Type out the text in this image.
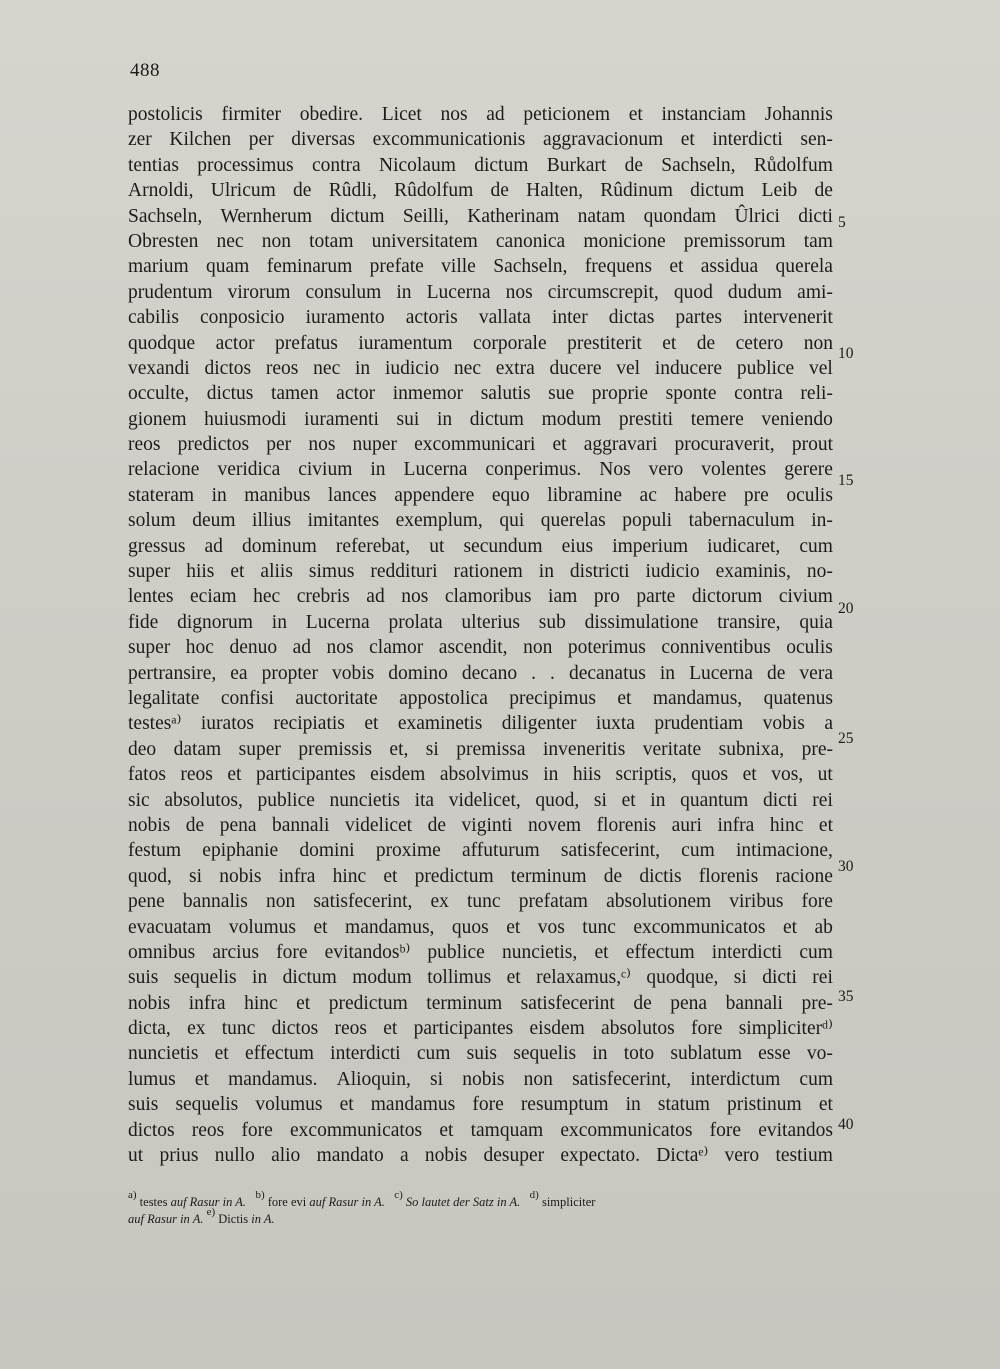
488
postolicis firmiter obedire. Licet nos ad peticionem et instanciam Johannis
zer Kilchen per diversas excommunicationis aggravacionum et interdicti sen-
tentias processimus contra Nicolaum dictum Burkart de Sachseln, Růdolfum
Arnoldi, Ulricum de Rûdli, Rûdolfum de Halten, Rûdinum dictum Leib de
Sachseln, Wernherum dictum Seilli, Katherinam natam quondam Ûlrici dicti
Obresten nec non totam universitatem canonica monicione premissorum tam
marium quam feminarum prefate ville Sachseln, frequens et assidua querela
prudentum virorum consulum in Lucerna nos circumscrepit, quod dudum ami-
cabilis conposicio iuramento actoris vallata inter dictas partes intervenerit
quodque actor prefatus iuramentum corporale prestiterit et de cetero non
vexandi dictos reos nec in iudicio nec extra ducere vel inducere publice vel
occulte, dictus tamen actor inmemor salutis sue proprie sponte contra reli-
gionem huiusmodi iuramenti sui in dictum modum prestiti temere veniendo
reos predictos per nos nuper excommunicari et aggravari procuraverit, prout
relacione veridica civium in Lucerna conperimus. Nos vero volentes gerere
stateram in manibus lances appendere equo libramine ac habere pre oculis
solum deum illius imitantes exemplum, qui querelas populi tabernaculum in-
gressus ad dominum referebat, ut secundum eius imperium iudicaret, cum
super hiis et aliis simus reddituri rationem in districti iudicio examinis, no-
lentes eciam hec crebris ad nos clamoribus iam pro parte dictorum civium
fide dignorum in Lucerna prolata ulterius sub dissimulatione transire, quia
super hoc denuo ad nos clamor ascendit, non poterimus conniventibus oculis
pertransire, ea propter vobis domino decano . . decanatus in Lucerna de vera
legalitate confisi auctoritate appostolica precipimus et mandamus, quatenus
testesᵃ⁾ iuratos recipiatis et examinetis diligenter iuxta prudentiam vobis a
deo datam super premissis et, si premissa inveneritis veritate subnixa, pre-
fatos reos et participantes eisdem absolvimus in hiis scriptis, quos et vos, ut
sic absolutos, publice nuncietis ita videlicet, quod, si et in quantum dicti rei
nobis de pena bannali videlicet de viginti novem florenis auri infra hinc et
festum epiphanie domini proxime affuturum satisfecerint, cum intimacione,
quod, si nobis infra hinc et predictum terminum de dictis florenis racione
pene bannalis non satisfecerint, ex tunc prefatam absolutionem viribus fore
evacuatam volumus et mandamus, quos et vos tunc excommunicatos et ab
omnibus arcius fore evitandosᵇ⁾ publice nuncietis, et effectum interdicti cum
suis sequelis in dictum modum tollimus et relaxamus,ᶜ⁾ quodque, si dicti rei
nobis infra hinc et predictum terminum satisfecerint de pena bannali pre-
dicta, ex tunc dictos reos et participantes eisdem absolutos fore simpliciterᵈ⁾
nuncietis et effectum interdicti cum suis sequelis in toto sublatum esse vo-
lumus et mandamus. Alioquin, si nobis non satisfecerint, interdictum cum
suis sequelis volumus et mandamus fore resumptum in statum pristinum et
dictos reos fore excommunicatos et tamquam excommunicatos fore evitandos
ut prius nullo alio mandato a nobis desuper expectato. Dictaᵉ⁾ vero testium
5
10
15
20
25
30
35
40
$^{a)}$ testes auf Rasur in A. $^{b)}$ fore evi auf Rasur in A. $^{c)}$ So lautet der Satz in A. $^{d)}$ simpliciter
auf Rasur in A. $^{e)}$ Dictis in A.
